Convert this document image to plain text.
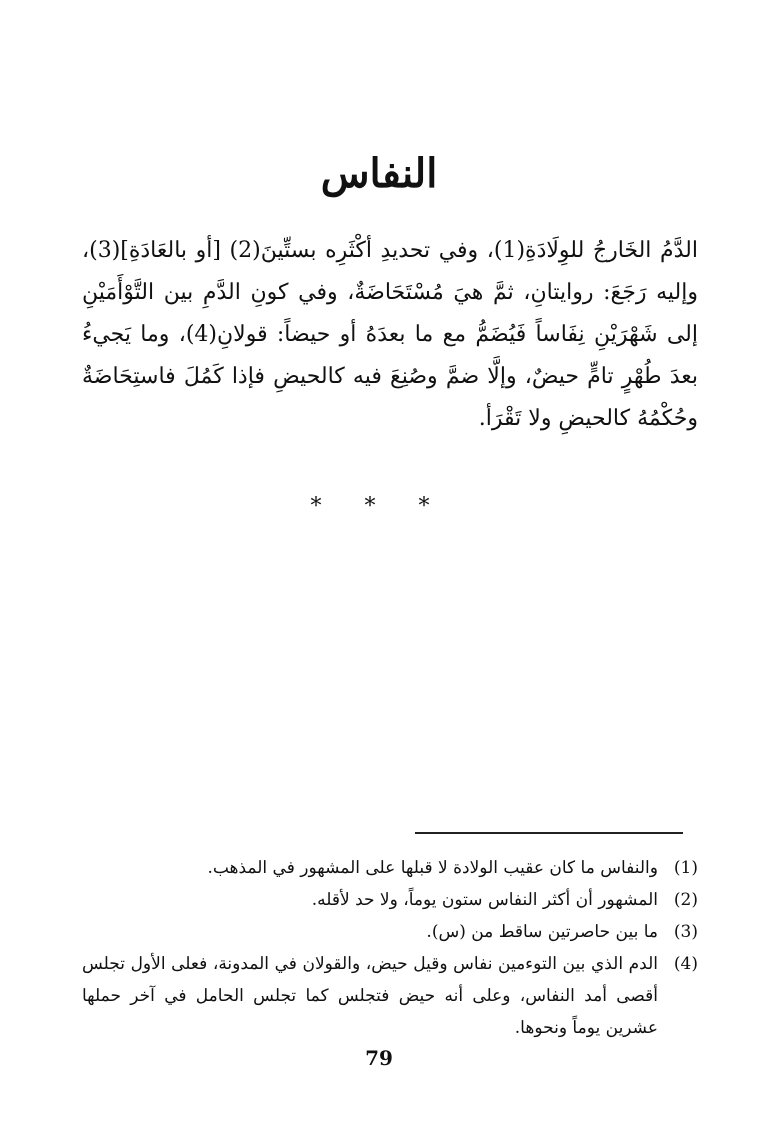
النفاس

الدَّمُ الخَارجُ للوِلَادَةِ(1)، وفي تحديدِ أكْثَرِه بستِّينَ(2) [أو بالعَادَةِ](3)، وإليه رَجَعَ: روايتانِ، ثمَّ هيَ مُسْتَحَاضَةٌ، وفي كونِ الدَّمِ بين التَّوْأَمَيْنِ إلى شَهْرَيْنِ نِفَاساً فَيُضَمُّ مع ما بعدَهُ أو حيضاً: قولانِ(4)، وما يَجيءُ بعدَ طُهْرٍ تامٍّ حيضٌ، وإلَّا ضمَّ وصُنِعَ فيه كالحيضِ فإذا كَمُلَ فاستِحَاضَةٌ وحُكْمُهُ كالحيضِ ولا تَقْرَأ.

* * *
(1)
والنفاس ما كان عقيب الولادة لا قبلها على المشهور في المذهب.
(2)
المشهور أن أكثر النفاس ستون يوماً، ولا حد لأقله.
(3)
ما بين حاصرتين ساقط من (س).
(4)
الدم الذي بين التوءمين نفاس وقيل حيض، والقولان في المدونة، فعلى الأول تجلس أقصى أمد النفاس، وعلى أنه حيض فتجلس كما تجلس الحامل في آخر حملها عشرين يوماً ونحوها.
79
